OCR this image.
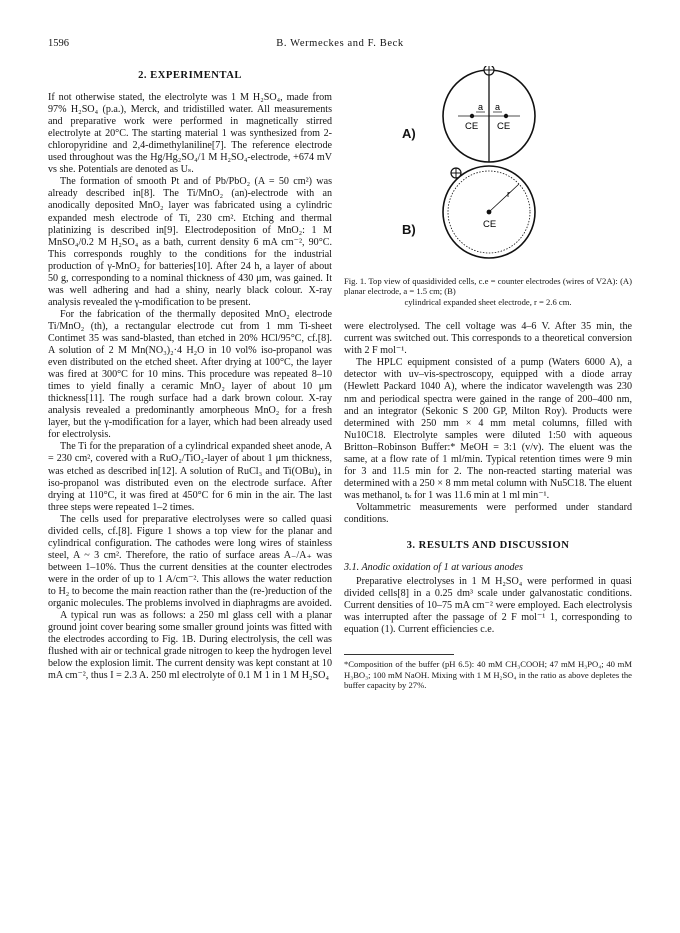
1596	B. Wermeckes and F. Beck
2. EXPERIMENTAL

If not otherwise stated, the electrolyte was 1 M H₂SO₄, made from 97% H₂SO₄ (p.a.), Merck, and tridistilled water. All measurements and preparative work were performed in magnetically stirred electrolyte at 20°C. The starting material 1 was synthesized from 2-chloropyridine and 2,4-dimethylaniline[7]. The reference electrode used throughout was the Hg/Hg₂SO₄/1 M H₂SO₄-electrode, +674 mV vs she. Potentials are denoted as Uₛ.

The formation of smooth Pt and of Pb/PbO₂ (A = 50 cm²) was already described in[8]. The Ti/MnO₂ (an)-electrode with an anodically deposited MnO₂ layer was fabricated using a cylindric expanded mesh electrode of Ti, 230 cm². Etching and thermal platinizing is described in[9]. Electrodeposition of MnO₂: 1 M MnSO₄/0.2 M H₂SO₄ as a bath, current density 6 mA cm⁻², 90°C. This corresponds roughly to the conditions for the industrial production of γ-MnO₂ for batteries[10]. After 24 h, a layer of about 50 g, corresponding to a nominal thickness of 430 μm, was gained. It was well adhering and had a shiny, nearly black colour. X-ray analysis revealed the γ-modification to be present.

For the fabrication of the thermally deposited MnO₂ electrode Ti/MnO₂ (th), a rectangular electrode cut from 1 mm Ti-sheet Contimet 35 was sand-blasted, than etched in 20% HCl/95°C, cf.[8]. A solution of 2 M Mn(NO₃)₂·4 H₂O in 10 vol% iso-propanol was even distributed on the etched sheet. After drying at 100°C, the layer was fired at 300°C for 10 mins. This procedure was repeated 8–10 times to yield finally a ceramic MnO₂ layer of about 10 μm thickness[11]. The rough surface had a dark brown colour. X-ray analysis revealed a predominantly amorpheous MnO₂ for a fresh layer, but the γ-modification for a layer, which had been already used for electrolysis.

The Ti for the preparation of a cylindrical expanded sheet anode, A = 230 cm², covered with a RuO₂/TiO₂-layer of about 1 μm thickness, was etched as described in[12]. A solution of RuCl₃ and Ti(OBu)₄ in iso-propanol was distributed even on the electrode surface. After drying at 110°C, it was fired at 450°C for 6 min in the air. The last three steps were repeated 1–2 times.

The cells used for preparative electrolyses were so called quasi divided cells, cf.[8]. Figure 1 shows a top view for the planar and cylindrical configuration. The cathodes were long wires of stainless steel, A ~ 3 cm². Therefore, the ratio of surface areas A₋/A₊ was between 1–10%. Thus the current densities at the counter electrodes were in the order of up to 1 A/cm⁻². This allows the water reduction to H₂ to become the main reaction rather than the (re-)reduction of the organic molecules. The problems involved in diaphragms are avoided.

A typical run was as follows: a 250 ml glass cell with a planar ground joint cover bearing some smaller ground joints was fitted with the electrodes according to Fig. 1B. During electrolysis, the cell was flushed with air or technical grade nitrogen to keep the hydrogen level below the explosion limit. The current density was kept constant at 10 mA cm⁻², thus I = 2.3 A. 250 ml electrolyte of 0.1 M 1 in 1 M H₂SO₄

a a
CE CE
r
CE
A)
B)
Fig. 1. Top view of quasidivided cells, c.e = counter electrodes (wires of V2A): (A) planar electrode, a = 1.5 cm; (B)
cylindrical expanded sheet electrode, r = 2.6 cm.

were electrolysed. The cell voltage was 4–6 V. After 35 min, the current was switched out. This corresponds to a theoretical conversion with 2 F mol⁻¹.

The HPLC equipment consisted of a pump (Waters 6000 A), a detector with uv–vis-spectroscopy, equipped with a diode array (Hewlett Packard 1040 A), where the indicator wavelength was 230 nm and periodical spectra were gained in the range of 200–400 nm, and an integrator (Sekonic S 200 GP, Milton Roy). Products were determined with 250 mm × 4 mm metal columns, filled with Nu10C18. Electrolyte samples were diluted 1:50 with aqueous Britton–Robinson Buffer:* MeOH = 3:1 (v/v). The eluent was the same, at a flow rate of 1 ml/min. Typical retention times were 9 min for 3 and 11.5 min for 2. The non-reacted starting material was determined with a 250 × 8 mm metal column with Nu5C18. The eluent was methanol, tₖ for 1 was 11.6 min at 1 ml min⁻¹.

Voltammetric measurements were performed under standard conditions.

3. RESULTS AND DISCUSSION
3.1. Anodic oxidation of 1 at various anodes

Preparative electrolyses in 1 M H₂SO₄ were performed in quasi divided cells[8] in a 0.25 dm³ scale under galvanostatic conditions. Current densities of 10–75 mA cm⁻² were employed. Each electrolysis was interrupted after the passage of 2 F mol⁻¹ 1, corresponding to equation (1). Current efficiencies c.e.

*Composition of the buffer (pH 6.5): 40 mM CH₃COOH; 47 mM H₃PO₄; 40 mM H₃BO₃; 100 mM NaOH. Mixing with 1 M H₂SO₄ in the ratio as above depletes the buffer capacity by 27%.
